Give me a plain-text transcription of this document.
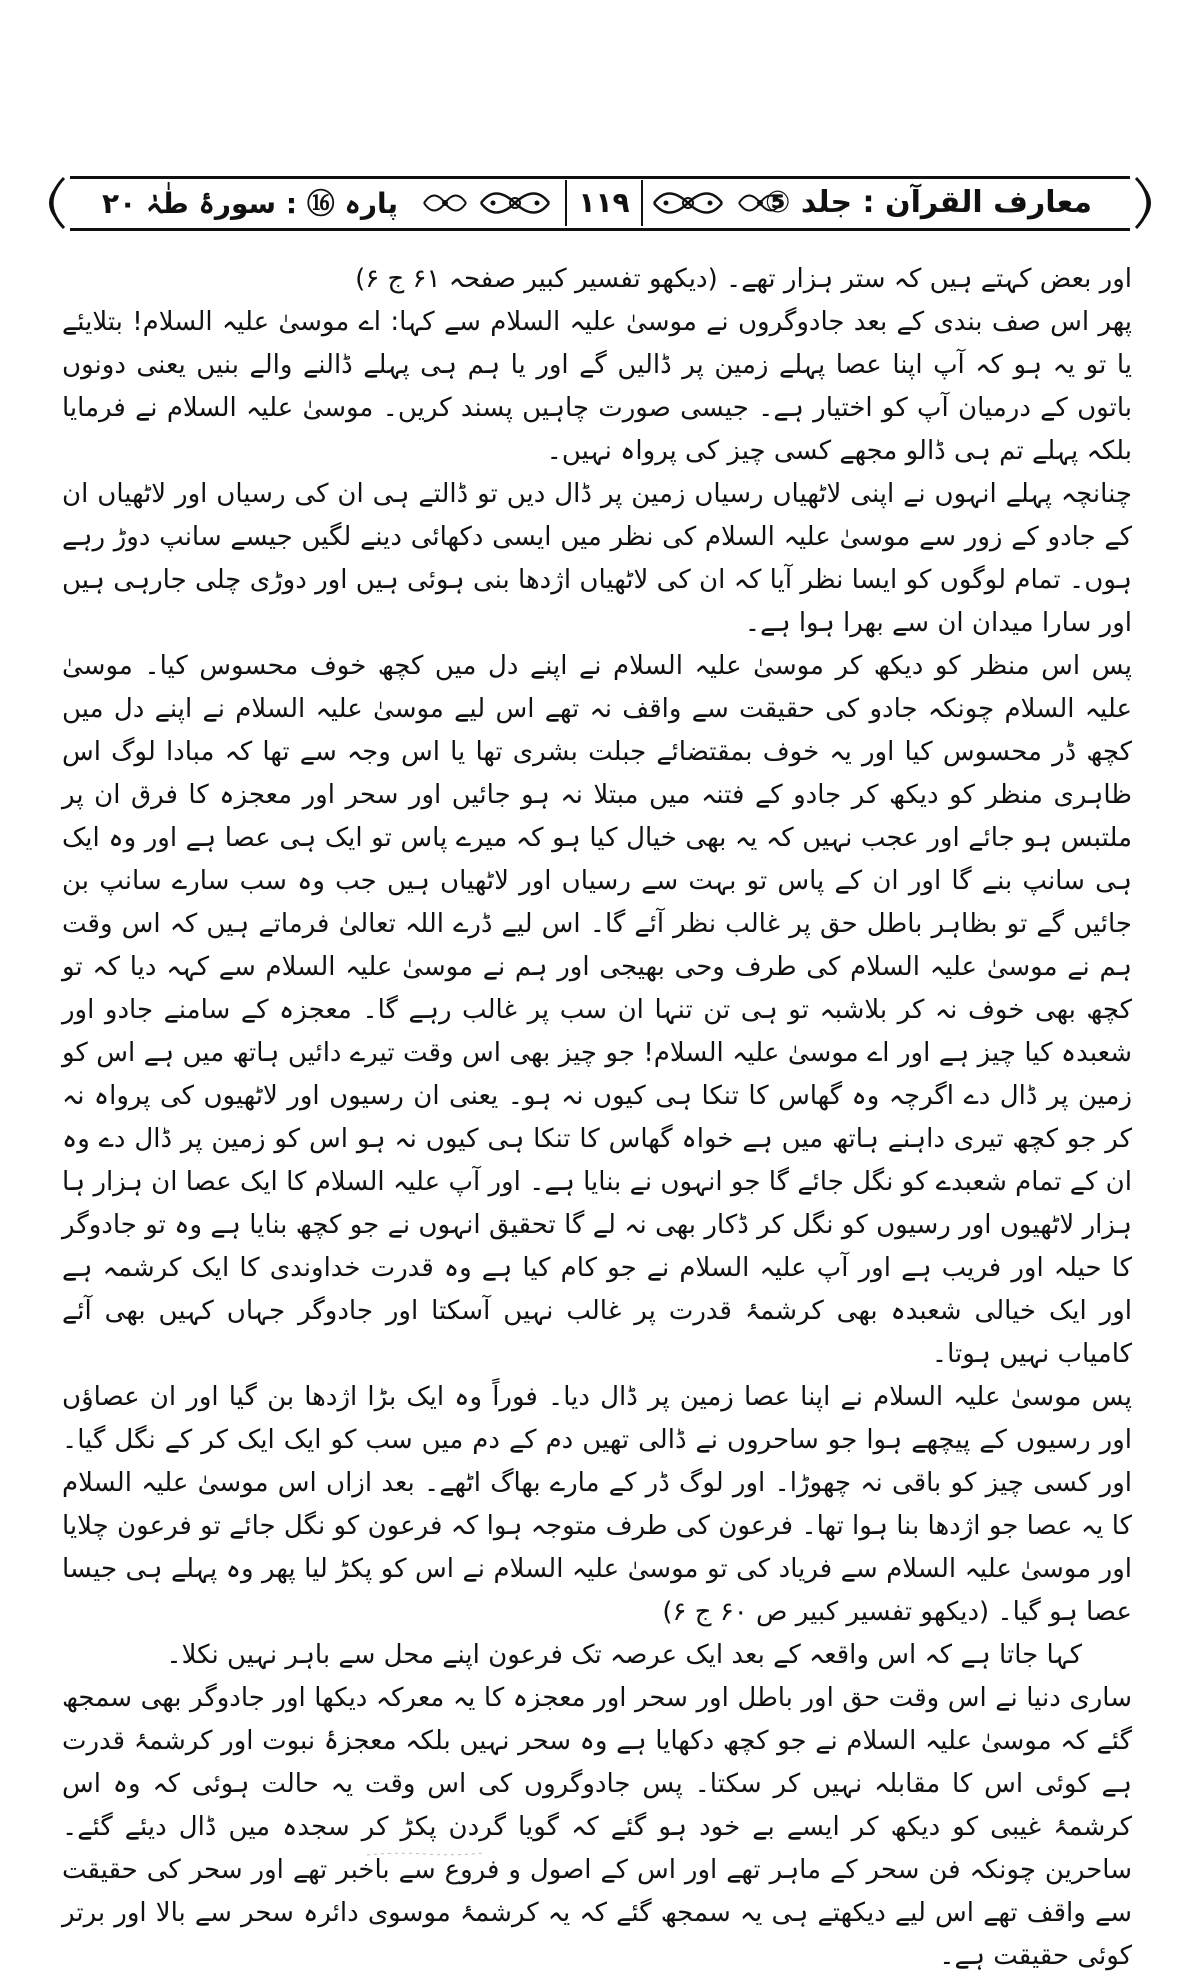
معارف القرآن : جلد ⑤
۱۱۹
پارہ ⑯ : سورۂ طٰہٰ ۲۰

اور بعض کہتے ہیں کہ ستر ہزار تھے۔ (دیکھو تفسیر کبیر صفحہ ۶۱ ج ۶)

پھر اس صف بندی کے بعد جادوگروں نے موسیٰ علیہ السلام سے کہا: اے موسیٰ علیہ السلام! بتلایئے یا تو یہ ہو کہ آپ اپنا عصا پہلے زمین پر ڈالیں گے اور یا ہم ہی پہلے ڈالنے والے بنیں یعنی دونوں باتوں کے درمیان آپ کو اختیار ہے۔ جیسی صورت چاہیں پسند کریں۔ موسیٰ علیہ السلام نے فرمایا بلکہ پہلے تم ہی ڈالو مجھے کسی چیز کی پرواہ نہیں۔

چنانچہ پہلے انہوں نے اپنی لاٹھیاں رسیاں زمین پر ڈال دیں تو ڈالتے ہی ان کی رسیاں اور لاٹھیاں ان کے جادو کے زور سے موسیٰ علیہ السلام کی نظر میں ایسی دکھائی دینے لگیں جیسے سانپ دوڑ رہے ہوں۔ تمام لوگوں کو ایسا نظر آیا کہ ان کی لاٹھیاں اژدھا بنی ہوئی ہیں اور دوڑی چلی جارہی ہیں اور سارا میدان ان سے بھرا ہوا ہے۔

پس اس منظر کو دیکھ کر موسیٰ علیہ السلام نے اپنے دل میں کچھ خوف محسوس کیا۔ موسیٰ علیہ السلام چونکہ جادو کی حقیقت سے واقف نہ تھے اس لیے موسیٰ علیہ السلام نے اپنے دل میں کچھ ڈر محسوس کیا اور یہ خوف بمقتضائے جبلت بشری تھا یا اس وجہ سے تھا کہ مبادا لوگ اس ظاہری منظر کو دیکھ کر جادو کے فتنہ میں مبتلا نہ ہو جائیں اور سحر اور معجزہ کا فرق ان پر ملتبس ہو جائے اور عجب نہیں کہ یہ بھی خیال کیا ہو کہ میرے پاس تو ایک ہی عصا ہے اور وہ ایک ہی سانپ بنے گا اور ان کے پاس تو بہت سے رسیاں اور لاٹھیاں ہیں جب وہ سب سارے سانپ بن جائیں گے تو بظاہر باطل حق پر غالب نظر آئے گا۔ اس لیے ڈرے اللہ تعالیٰ فرماتے ہیں کہ اس وقت ہم نے موسیٰ علیہ السلام کی طرف وحی بھیجی اور ہم نے موسیٰ علیہ السلام سے کہہ دیا کہ تو کچھ بھی خوف نہ کر بلاشبہ تو ہی تن تنہا ان سب پر غالب رہے گا۔ معجزہ کے سامنے جادو اور شعبدہ کیا چیز ہے اور اے موسیٰ علیہ السلام! جو چیز بھی اس وقت تیرے دائیں ہاتھ میں ہے اس کو زمین پر ڈال دے اگرچہ وہ گھاس کا تنکا ہی کیوں نہ ہو۔ یعنی ان رسیوں اور لاٹھیوں کی پرواہ نہ کر جو کچھ تیری داہنے ہاتھ میں ہے خواہ گھاس کا تنکا ہی کیوں نہ ہو اس کو زمین پر ڈال دے وہ ان کے تمام شعبدے کو نگل جائے گا جو انہوں نے بنایا ہے۔ اور آپ علیہ السلام کا ایک عصا ان ہزار ہا ہزار لاٹھیوں اور رسیوں کو نگل کر ڈکار بھی نہ لے گا تحقیق انہوں نے جو کچھ بنایا ہے وہ تو جادوگر کا حیلہ اور فریب ہے اور آپ علیہ السلام نے جو کام کیا ہے وہ قدرت خداوندی کا ایک کرشمہ ہے اور ایک خیالی شعبدہ بھی کرشمۂ قدرت پر غالب نہیں آسکتا اور جادوگر جہاں کہیں بھی آئے کامیاب نہیں ہوتا۔

پس موسیٰ علیہ السلام نے اپنا عصا زمین پر ڈال دیا۔ فوراً وہ ایک بڑا اژدھا بن گیا اور ان عصاؤں اور رسیوں کے پیچھے ہوا جو ساحروں نے ڈالی تھیں دم کے دم میں سب کو ایک ایک کر کے نگل گیا۔ اور کسی چیز کو باقی نہ چھوڑا۔ اور لوگ ڈر کے مارے بھاگ اٹھے۔ بعد ازاں اس موسیٰ علیہ السلام کا یہ عصا جو اژدھا بنا ہوا تھا۔ فرعون کی طرف متوجہ ہوا کہ فرعون کو نگل جائے تو فرعون چلایا اور موسیٰ علیہ السلام سے فریاد کی تو موسیٰ علیہ السلام نے اس کو پکڑ لیا پھر وہ پہلے ہی جیسا عصا ہو گیا۔ (دیکھو تفسیر کبیر ص ۶۰ ج ۶)

کہا جاتا ہے کہ اس واقعہ کے بعد ایک عرصہ تک فرعون اپنے محل سے باہر نہیں نکلا۔

ساری دنیا نے اس وقت حق اور باطل اور سحر اور معجزہ کا یہ معرکہ دیکھا اور جادوگر بھی سمجھ گئے کہ موسیٰ علیہ السلام نے جو کچھ دکھایا ہے وہ سحر نہیں بلکہ معجزۂ نبوت اور کرشمۂ قدرت ہے کوئی اس کا مقابلہ نہیں کر سکتا۔ پس جادوگروں کی اس وقت یہ حالت ہوئی کہ وہ اس کرشمۂ غیبی کو دیکھ کر ایسے بے خود ہو گئے کہ گویا گردن پکڑ کر سجدہ میں ڈال دیئے گئے۔ ساحرین چونکہ فن سحر کے ماہر تھے اور اس کے اصول و فروع سے باخبر تھے اور سحر کی حقیقت سے واقف تھے اس لیے دیکھتے ہی یہ سمجھ گئے کہ یہ کرشمۂ موسوی دائرہ سحر سے بالا اور برتر کوئی حقیقت ہے۔
